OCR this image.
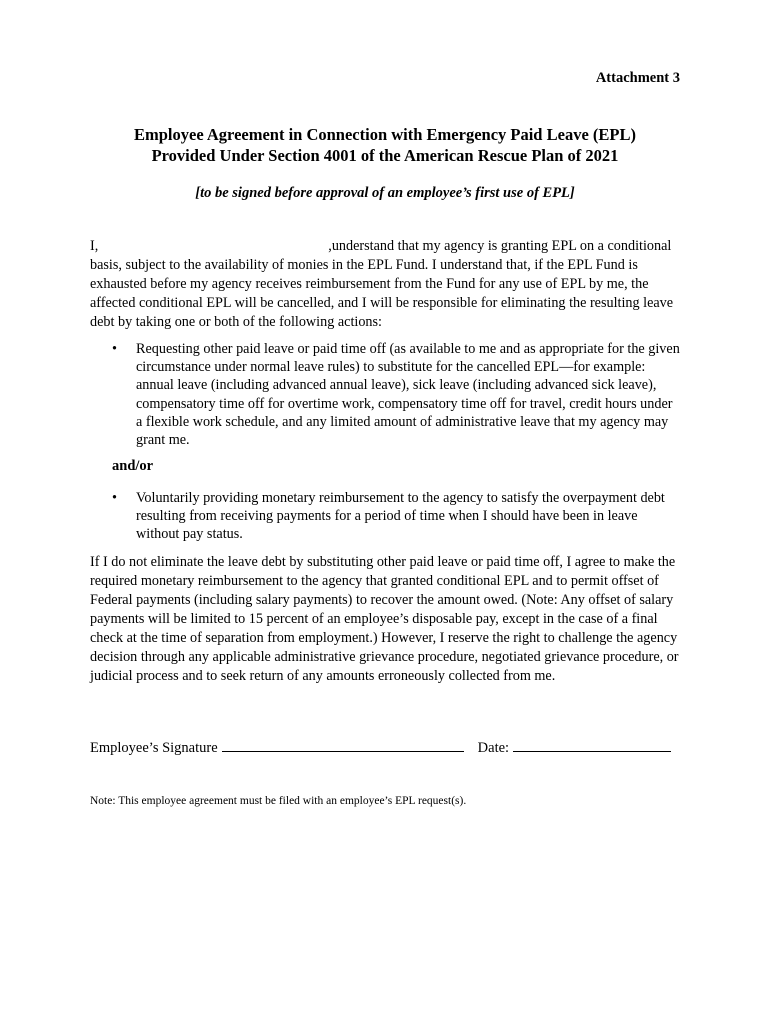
Attachment 3
Employee Agreement in Connection with Emergency Paid Leave (EPL)
Provided Under Section 4001 of the American Rescue Plan of 2021
[to be signed before approval of an employee’s first use of EPL]
I,	,understand that my agency is granting EPL on a conditional basis, subject to the availability of monies in the EPL Fund. I understand that, if the EPL Fund is exhausted before my agency receives reimbursement from the Fund for any use of EPL by me, the affected conditional EPL will be cancelled, and I will be responsible for eliminating the resulting leave debt by taking one or both of the following actions:
• Requesting other paid leave or paid time off (as available to me and as appropriate for the given circumstance under normal leave rules) to substitute for the cancelled EPL—for example: annual leave (including advanced annual leave), sick leave (including advanced sick leave), compensatory time off for overtime work, compensatory time off for travel, credit hours under a flexible work schedule, and any limited amount of administrative leave that my agency may grant me.
and/or
• Voluntarily providing monetary reimbursement to the agency to satisfy the overpayment debt resulting from receiving payments for a period of time when I should have been in leave without pay status.
If I do not eliminate the leave debt by substituting other paid leave or paid time off, I agree to make the required monetary reimbursement to the agency that granted conditional EPL and to permit offset of Federal payments (including salary payments) to recover the amount owed. (Note: Any offset of salary payments will be limited to 15 percent of an employee’s disposable pay, except in the case of a final check at the time of separation from employment.) However, I reserve the right to challenge the agency decision through any applicable administrative grievance procedure, negotiated grievance procedure, or judicial process and to seek return of any amounts erroneously collected from me.
Employee’s Signature	Date:
Note: This employee agreement must be filed with an employee’s EPL request(s).
